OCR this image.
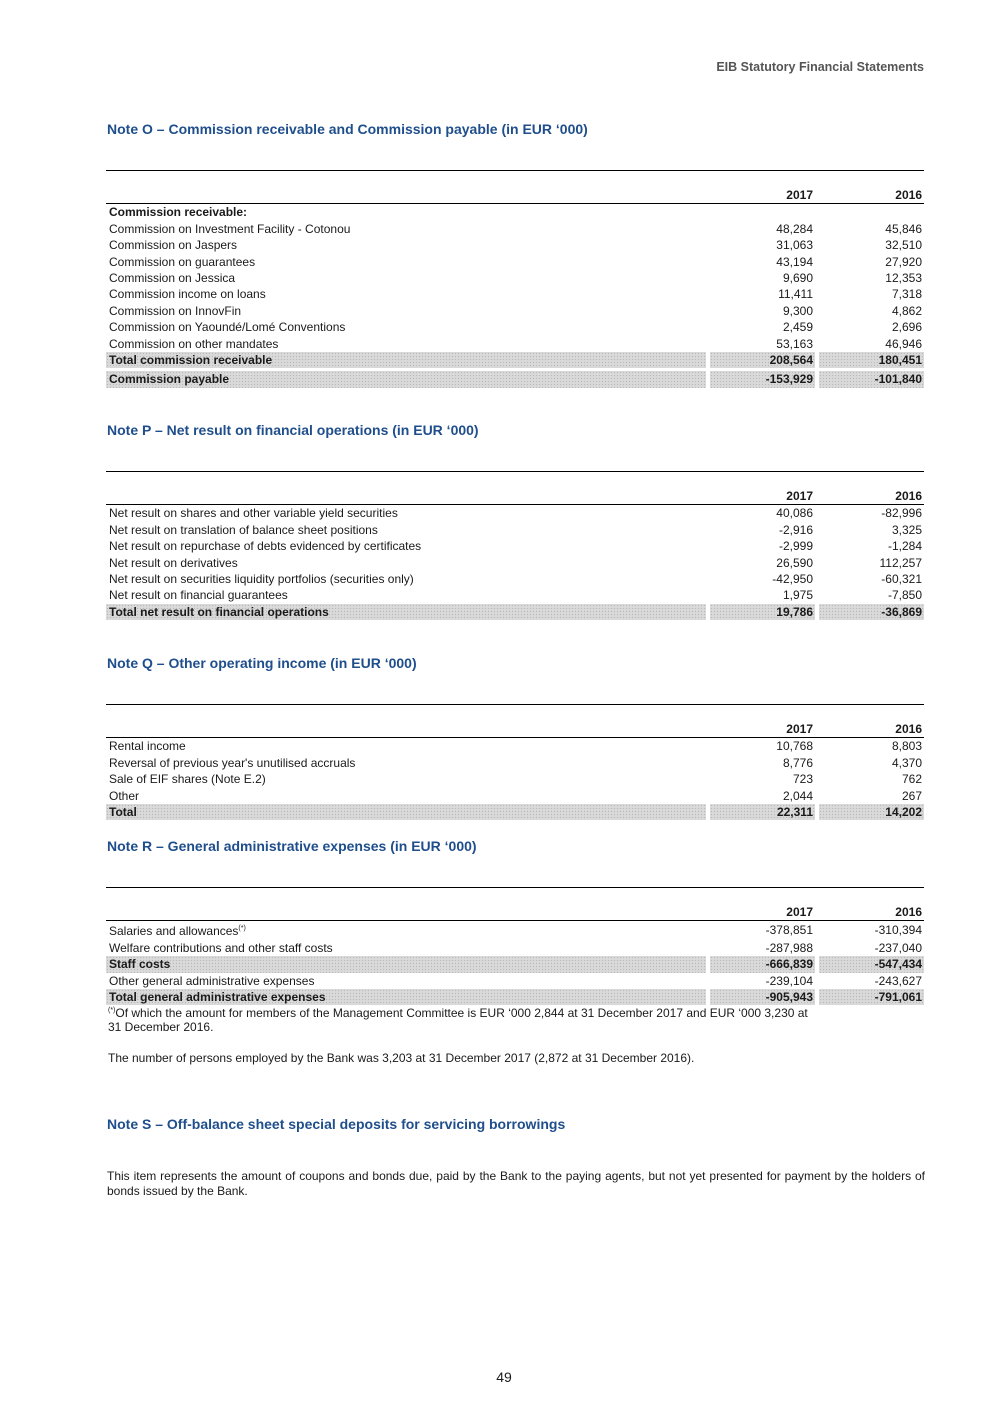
EIB Statutory Financial Statements
Note O – Commission receivable and Commission payable (in EUR ‘000)

		2017		2016
Commission receivable:				
Commission on Investment Facility - Cotonou		48,284		45,846
Commission on Jaspers		31,063		32,510
Commission on guarantees		43,194		27,920
Commission on Jessica		9,690		12,353
Commission income on loans		11,411		7,318
Commission on InnovFin		9,300		4,862
Commission on Yaoundé/Lomé Conventions		2,459		2,696
Commission on other mandates		53,163		46,946
Total commission receivable		208,564		180,451

Commission payable		-153,929		-101,840
Note P – Net result on financial operations (in EUR ‘000)

		2017		2016
Net result on shares and other variable yield securities		40,086		-82,996
Net result on translation of balance sheet positions		-2,916		3,325
Net result on repurchase of debts evidenced by certificates		-2,999		-1,284
Net result on derivatives		26,590		112,257
Net result on securities liquidity portfolios (securities only)		-42,950		-60,321
Net result on financial guarantees		1,975		-7,850
Total net result on financial operations		19,786		-36,869
Note Q – Other operating income (in EUR ‘000)

		2017		2016
Rental income		10,768		8,803
Reversal of previous year's unutilised accruals		8,776		4,370
Sale of EIF shares (Note E.2)		723		762
Other		2,044		267
Total		22,311		14,202
Note R – General administrative expenses (in EUR ‘000)

		2017		2016
Salaries and allowances(*)		-378,851		-310,394
Welfare contributions and other staff costs		-287,988		-237,040
Staff costs		-666,839		-547,434
Other general administrative expenses		-239,104		-243,627
Total general administrative expenses		-905,943		-791,061
(*)Of which the amount for members of the Management Committee is EUR ‘000 2,844 at 31 December 2017 and EUR ‘000 3,230 at
31 December 2016.
The number of persons employed by the Bank was 3,203 at 31 December 2017 (2,872 at 31 December 2016).
Note S – Off-balance sheet special deposits for servicing borrowings
This item represents the amount of coupons and bonds due, paid by the Bank to the paying agents, but not yet presented for payment by the holders of bonds issued by the Bank.
49
